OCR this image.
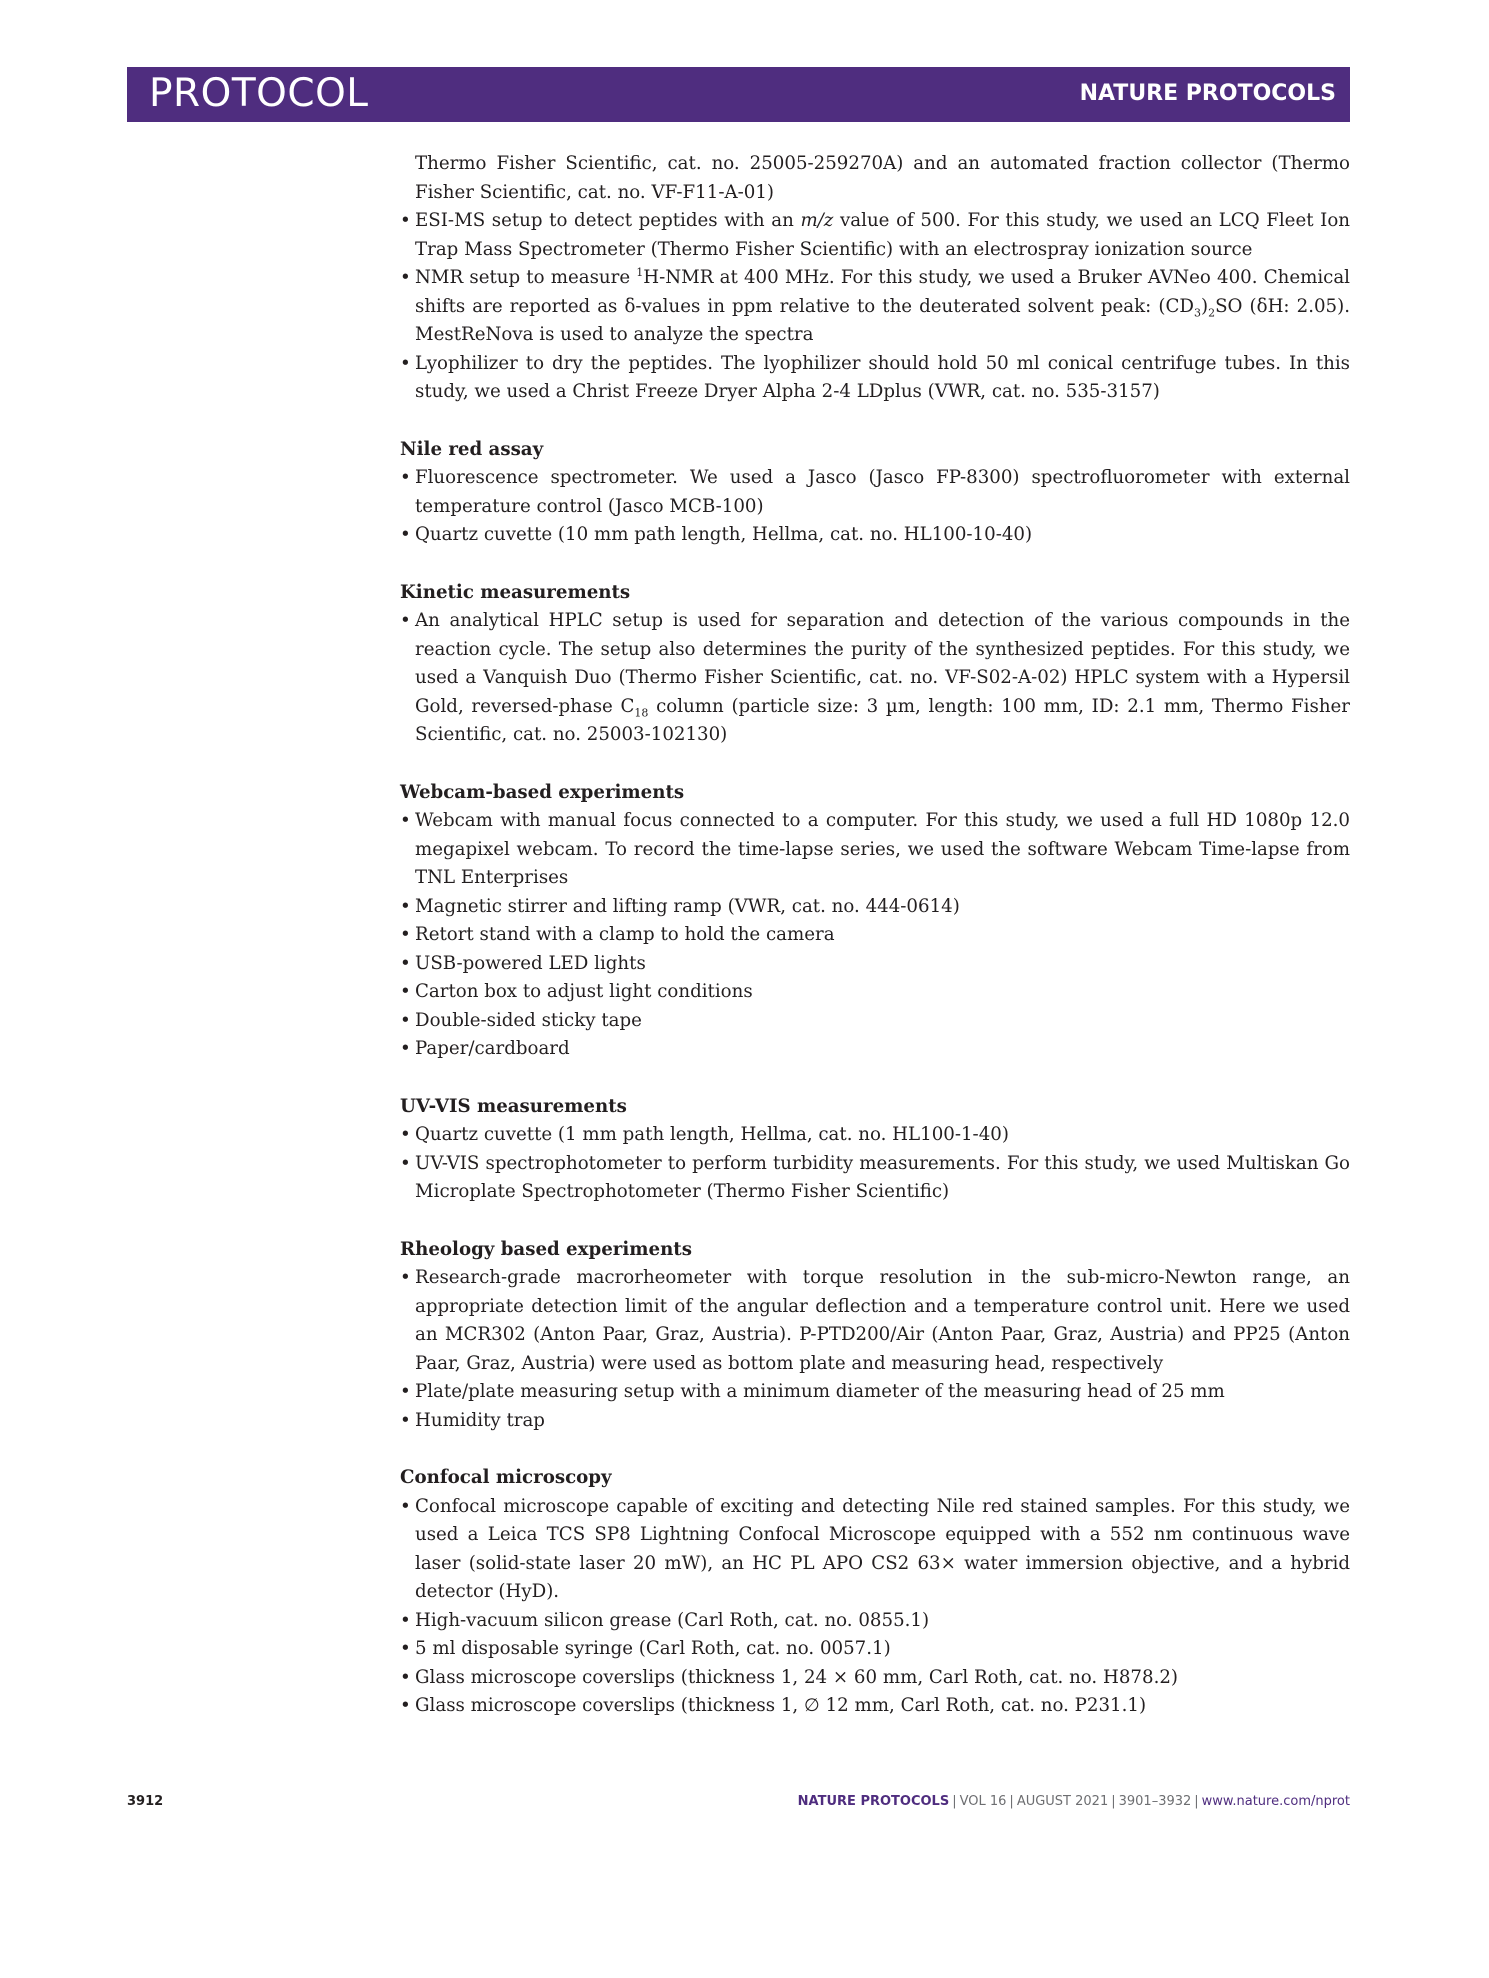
PROTOCOL	NATURE PROTOCOLS
Thermo Fisher Scientific, cat. no. 25005-259270A) and an automated fraction collector (Thermo Fisher Scientific, cat. no. VF-F11-A-01)
• ESI-MS setup to detect peptides with an m/z value of 500. For this study, we used an LCQ Fleet Ion Trap Mass Spectrometer (Thermo Fisher Scientific) with an electrospray ionization source
• NMR setup to measure $^1$H-NMR at 400 MHz. For this study, we used a Bruker AVNeo 400. Chemical shifts are reported as δ-values in ppm relative to the deuterated solvent peak: $(CD_3)_2SO$ (δH: 2.05). MestReNova is used to analyze the spectra
• Lyophilizer to dry the peptides. The lyophilizer should hold 50 ml conical centrifuge tubes. In this study, we used a Christ Freeze Dryer Alpha 2-4 LDplus (VWR, cat. no. 535-3157)
Nile red assay
• Fluorescence spectrometer. We used a Jasco (Jasco FP-8300) spectrofluorometer with external temperature control (Jasco MCB-100)
• Quartz cuvette (10 mm path length, Hellma, cat. no. HL100-10-40)
Kinetic measurements
• An analytical HPLC setup is used for separation and detection of the various compounds in the reaction cycle. The setup also determines the purity of the synthesized peptides. For this study, we used a Vanquish Duo (Thermo Fisher Scientific, cat. no. VF-S02-A-02) HPLC system with a Hypersil Gold, reversed-phase $C_{18}$ column (particle size: 3 µm, length: 100 mm, ID: 2.1 mm, Thermo Fisher Scientific, cat. no. 25003-102130)
Webcam-based experiments
• Webcam with manual focus connected to a computer. For this study, we used a full HD 1080p 12.0 megapixel webcam. To record the time-lapse series, we used the software Webcam Time-lapse from TNL Enterprises
• Magnetic stirrer and lifting ramp (VWR, cat. no. 444-0614)
• Retort stand with a clamp to hold the camera
• USB-powered LED lights
• Carton box to adjust light conditions
• Double-sided sticky tape
• Paper/cardboard
UV-VIS measurements
• Quartz cuvette (1 mm path length, Hellma, cat. no. HL100-1-40)
• UV-VIS spectrophotometer to perform turbidity measurements. For this study, we used Multiskan Go Microplate Spectrophotometer (Thermo Fisher Scientific)
Rheology based experiments
• Research-grade macrorheometer with torque resolution in the sub-micro-Newton range, an appropriate detection limit of the angular deflection and a temperature control unit. Here we used an MCR302 (Anton Paar, Graz, Austria). P-PTD200/Air (Anton Paar, Graz, Austria) and PP25 (Anton Paar, Graz, Austria) were used as bottom plate and measuring head, respectively
• Plate/plate measuring setup with a minimum diameter of the measuring head of 25 mm
• Humidity trap
Confocal microscopy
• Confocal microscope capable of exciting and detecting Nile red stained samples. For this study, we used a Leica TCS SP8 Lightning Confocal Microscope equipped with a 552 nm continuous wave laser (solid-state laser 20 mW), an HC PL APO CS2 63× water immersion objective, and a hybrid detector (HyD).
• High-vacuum silicon grease (Carl Roth, cat. no. 0855.1)
• 5 ml disposable syringe (Carl Roth, cat. no. 0057.1)
• Glass microscope coverslips (thickness 1, 24 × 60 mm, Carl Roth, cat. no. H878.2)
• Glass microscope coverslips (thickness 1, ∅ 12 mm, Carl Roth, cat. no. P231.1)
3912	NATURE PROTOCOLS | VOL 16 | AUGUST 2021 | 3901–3932 | www.nature.com/nprot
